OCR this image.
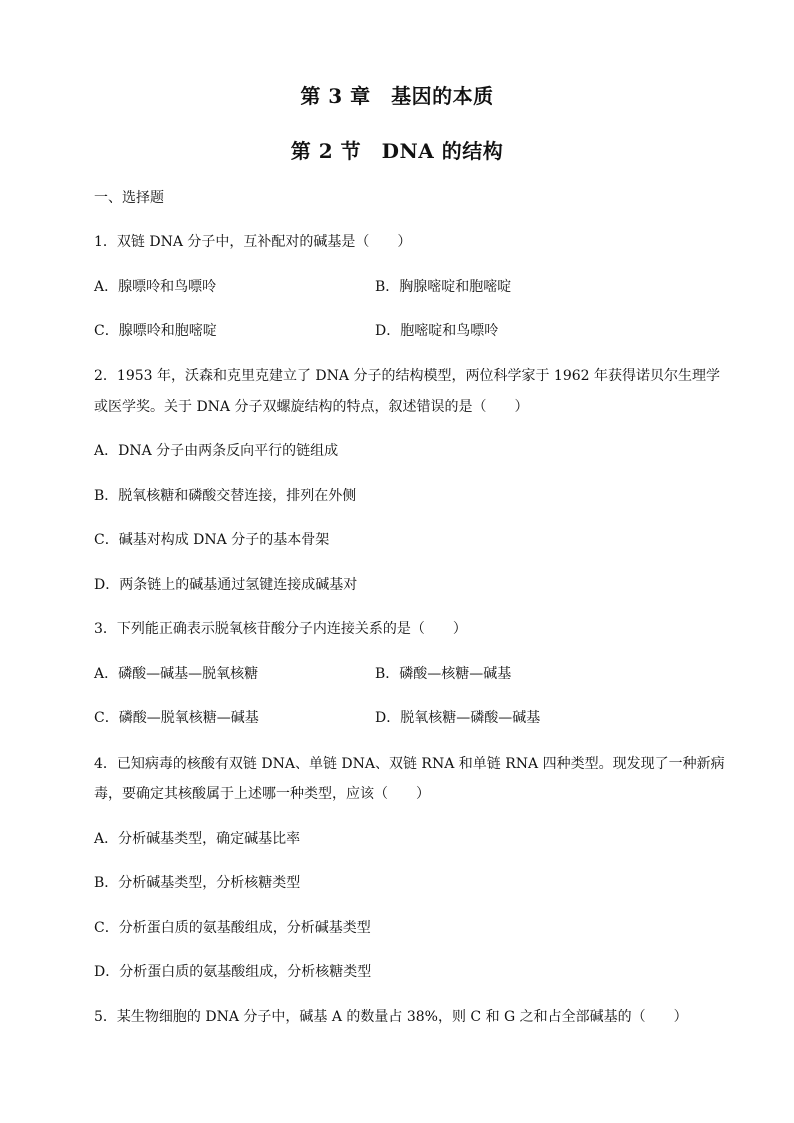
第 3 章　基因的本质
第 2 节　DNA 的结构
一、选择题
1．双链 DNA 分子中，互补配对的碱基是（　　）
A．腺嘌呤和鸟嘌呤	B．胸腺嘧啶和胞嘧啶
C．腺嘌呤和胞嘧啶	D．胞嘧啶和鸟嘌呤
2．1953 年，沃森和克里克建立了 DNA 分子的结构模型，两位科学家于 1962 年获得诺贝尔生理学
或医学奖。关于 DNA 分子双螺旋结构的特点，叙述错误的是（　　）
A．DNA 分子由两条反向平行的链组成
B．脱氧核糖和磷酸交替连接，排列在外侧
C．碱基对构成 DNA 分子的基本骨架
D．两条链上的碱基通过氢键连接成碱基对
3．下列能正确表示脱氧核苷酸分子内连接关系的是（　　）
A．磷酸—碱基—脱氧核糖	B．磷酸—核糖—碱基
C．磷酸—脱氧核糖—碱基	D．脱氧核糖—磷酸—碱基
4．已知病毒的核酸有双链 DNA、单链 DNA、双链 RNA 和单链 RNA 四种类型。现发现了一种新病
毒，要确定其核酸属于上述哪一种类型，应该（　　）
A．分析碱基类型，确定碱基比率
B．分析碱基类型，分析核糖类型
C．分析蛋白质的氨基酸组成，分析碱基类型
D．分析蛋白质的氨基酸组成，分析核糖类型
5．某生物细胞的 DNA 分子中，碱基 A 的数量占 38%，则 C 和 G 之和占全部碱基的（　　）
